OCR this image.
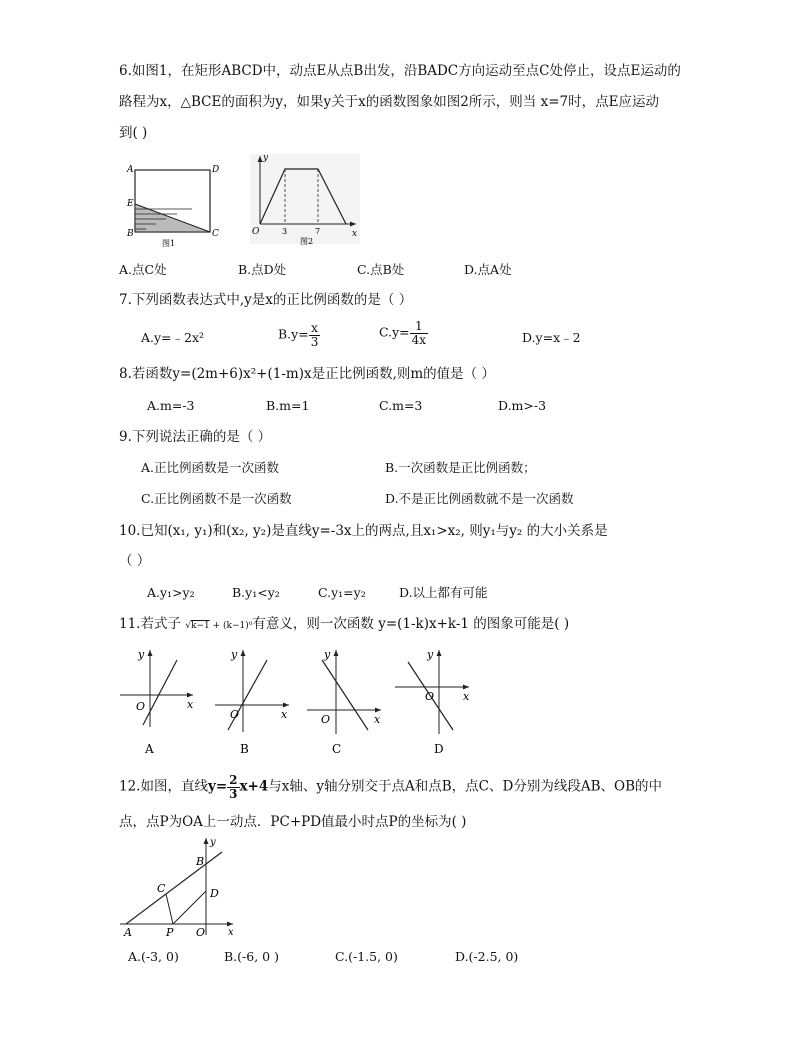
6.如图1，在矩形ABCD中，动点E从点B出发，沿BADC方向运动至点C处停止，设点E运动的
路程为x，△BCE的面积为y，如果y关于x的函数图象如图2所示，则当 x=7时，点E应运动
到( )
A	D
E
B	C
图1
y
x
O	3	7
图2
A.点C处	B.点D处	C.点B处	D.点A处
7.下列函数表达式中,y是x的正比例函数的是（ ）
A.y=﹣2x²	$B.y= \frac{x}{3}$	$C.y= \frac{1}{4x}$	D.y=x﹣2
8.若函数y=(2m+6)x²+(1-m)x是正比例函数,则m的值是（ ）
A.m=-3	B.m=1	C.m=3	D.m>-3
9.下列说法正确的是（ ）
A.正比例函数是一次函数	B.一次函数是正比例函数；
C.正比例函数不是一次函数	D.不是正比例函数就不是一次函数
10.已知(x₁, y₁)和(x₂, y₂)是直线y=-3x上的两点,且x₁>x₂, 则y₁与y₂ 的大小关系是
（ ）
A.y₁>y₂	B.y₁<y₂	C.y₁=y₂	D.以上都有可能
11.若式子 √k−1 + (k−1)⁰有意义，则一次函数 y=(1-k)x+k-1 的图象可能是( )
y
x
O
A
y
x
O
B
y
x
O
C
y
x
O
D
12.如图，直线$y= \frac{2}{3} x+4$与x轴、y轴分别交于点A和点B，点C、D分别为线段AB、OB的中
点，点P为OA上一动点．PC+PD值最小时点P的坐标为( )
y
x
A
B
C	D
P O
A.(-3, 0)	B.(-6, 0 )	C.(-1.5, 0)	D.(-2.5, 0)
